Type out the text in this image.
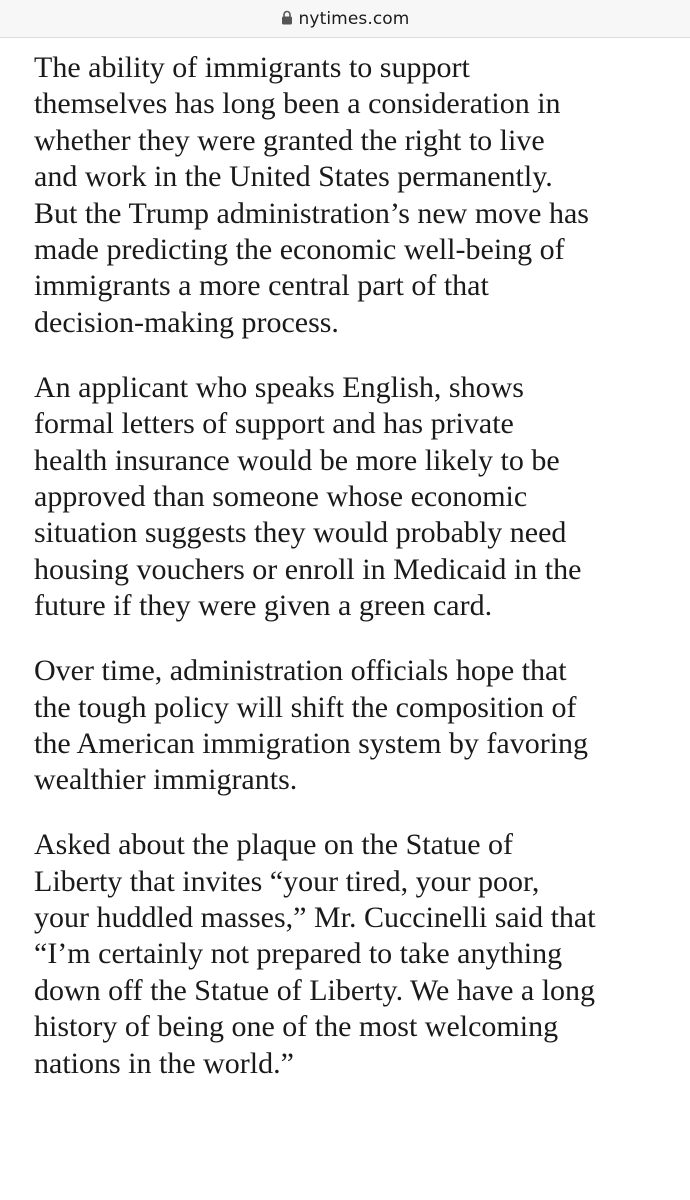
nytimes.com

The ability of immigrants to support
themselves has long been a consideration in
whether they were granted the right to live
and work in the United States permanently.
But the Trump administration’s new move has
made predicting the economic well-being of
immigrants a more central part of that
decision-making process.

An applicant who speaks English, shows
formal letters of support and has private
health insurance would be more likely to be
approved than someone whose economic
situation suggests they would probably need
housing vouchers or enroll in Medicaid in the
future if they were given a green card.

Over time, administration officials hope that
the tough policy will shift the composition of
the American immigration system by favoring
wealthier immigrants.

Asked about the plaque on the Statue of
Liberty that invites “your tired, your poor,
your huddled masses,” Mr. Cuccinelli said that
“I’m certainly not prepared to take anything
down off the Statue of Liberty. We have a long
history of being one of the most welcoming
nations in the world.”
